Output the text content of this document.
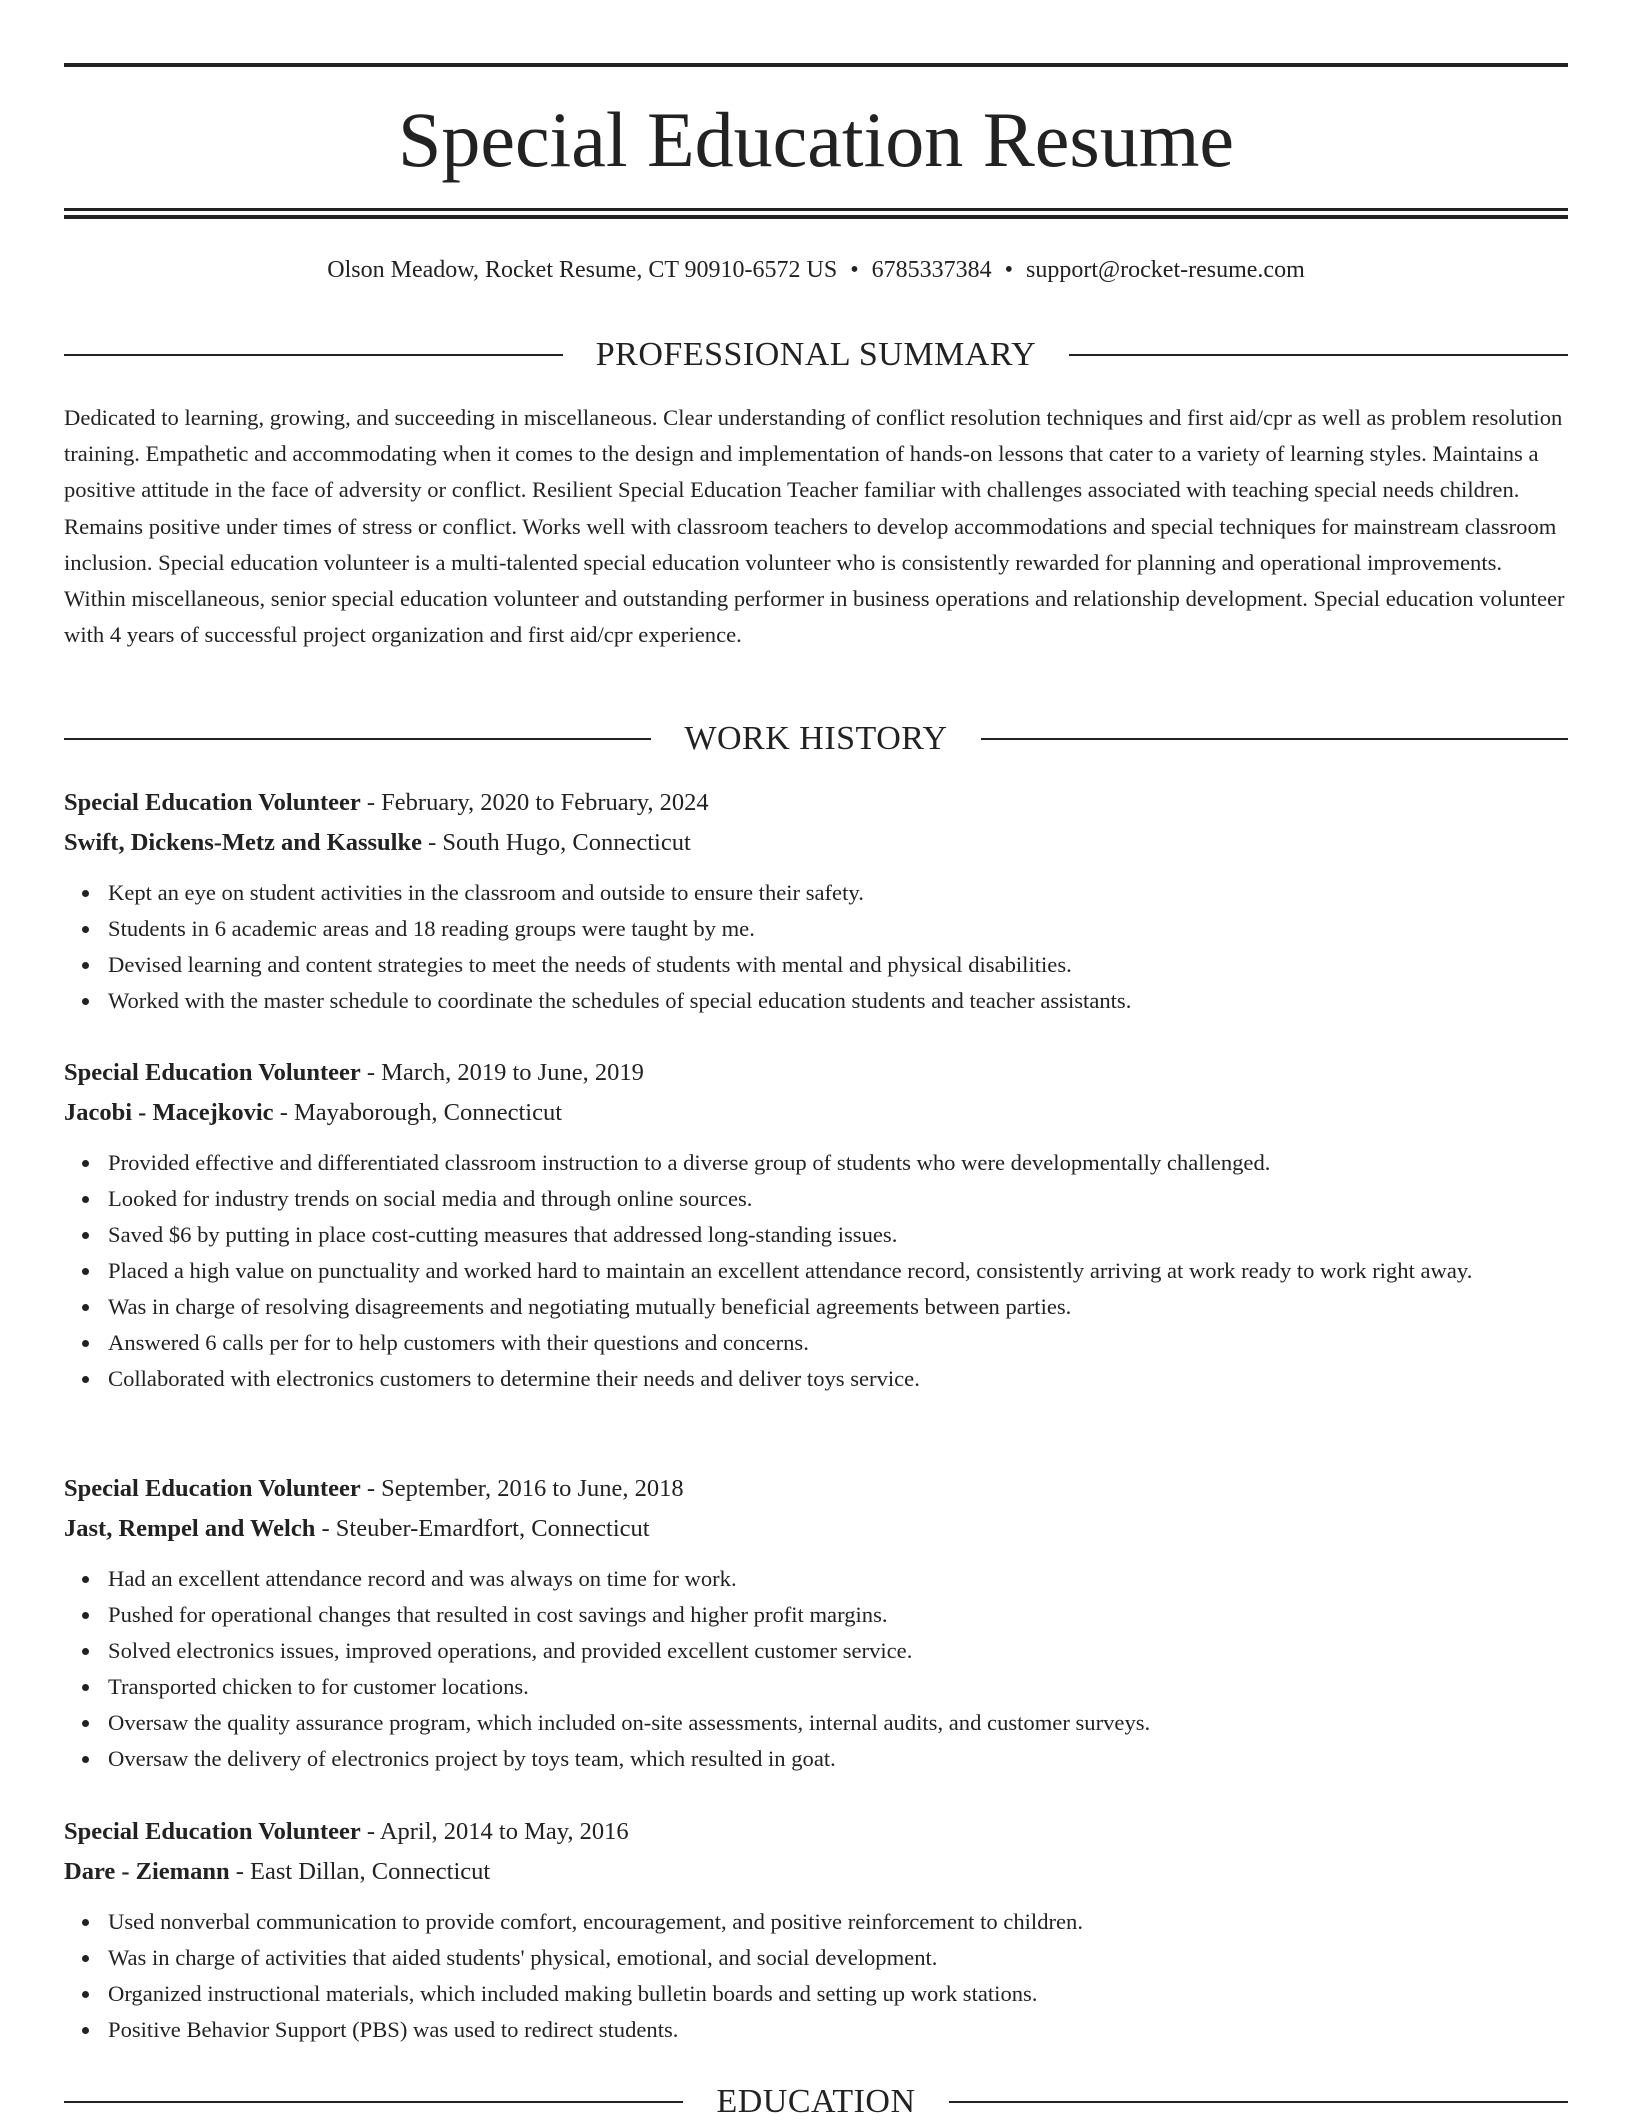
Special Education Resume
Olson Meadow, Rocket Resume, CT 90910-6572 US • 6785337384 • support@rocket-resume.com
PROFESSIONAL SUMMARY

Dedicated to learning, growing, and succeeding in miscellaneous. Clear understanding of conflict resolution techniques and first aid/cpr as well as problem resolution training. Empathetic and accommodating when it comes to the design and implementation of hands-on lessons that cater to a variety of learning styles. Maintains a positive attitude in the face of adversity or conflict. Resilient Special Education Teacher familiar with challenges associated with teaching special needs children. Remains positive under times of stress or conflict. Works well with classroom teachers to develop accommodations and special techniques for mainstream classroom inclusion. Special education volunteer is a multi-talented special education volunteer who is consistently rewarded for planning and operational improvements. Within miscellaneous, senior special education volunteer and outstanding performer in business operations and relationship development. Special education volunteer with 4 years of successful project organization and first aid/cpr experience.

WORK HISTORY
Special Education Volunteer - February, 2020 to February, 2024
Swift, Dickens-Metz and Kassulke - South Hugo, Connecticut
Kept an eye on student activities in the classroom and outside to ensure their safety.
Students in 6 academic areas and 18 reading groups were taught by me.
Devised learning and content strategies to meet the needs of students with mental and physical disabilities.
Worked with the master schedule to coordinate the schedules of special education students and teacher assistants.
Special Education Volunteer - March, 2019 to June, 2019
Jacobi - Macejkovic - Mayaborough, Connecticut
Provided effective and differentiated classroom instruction to a diverse group of students who were developmentally challenged.
Looked for industry trends on social media and through online sources.
Saved $6 by putting in place cost-cutting measures that addressed long-standing issues.
Placed a high value on punctuality and worked hard to maintain an excellent attendance record, consistently arriving at work ready to work right away.
Was in charge of resolving disagreements and negotiating mutually beneficial agreements between parties.
Answered 6 calls per for to help customers with their questions and concerns.
Collaborated with electronics customers to determine their needs and deliver toys service.
Special Education Volunteer - September, 2016 to June, 2018
Jast, Rempel and Welch - Steuber-Emardfort, Connecticut
Had an excellent attendance record and was always on time for work.
Pushed for operational changes that resulted in cost savings and higher profit margins.
Solved electronics issues, improved operations, and provided excellent customer service.
Transported chicken to for customer locations.
Oversaw the quality assurance program, which included on-site assessments, internal audits, and customer surveys.
Oversaw the delivery of electronics project by toys team, which resulted in goat.
Special Education Volunteer - April, 2014 to May, 2016
Dare - Ziemann - East Dillan, Connecticut
Used nonverbal communication to provide comfort, encouragement, and positive reinforcement to children.
Was in charge of activities that aided students' physical, emotional, and social development.
Organized instructional materials, which included making bulletin boards and setting up work stations.
Positive Behavior Support (PBS) was used to redirect students.
EDUCATION
